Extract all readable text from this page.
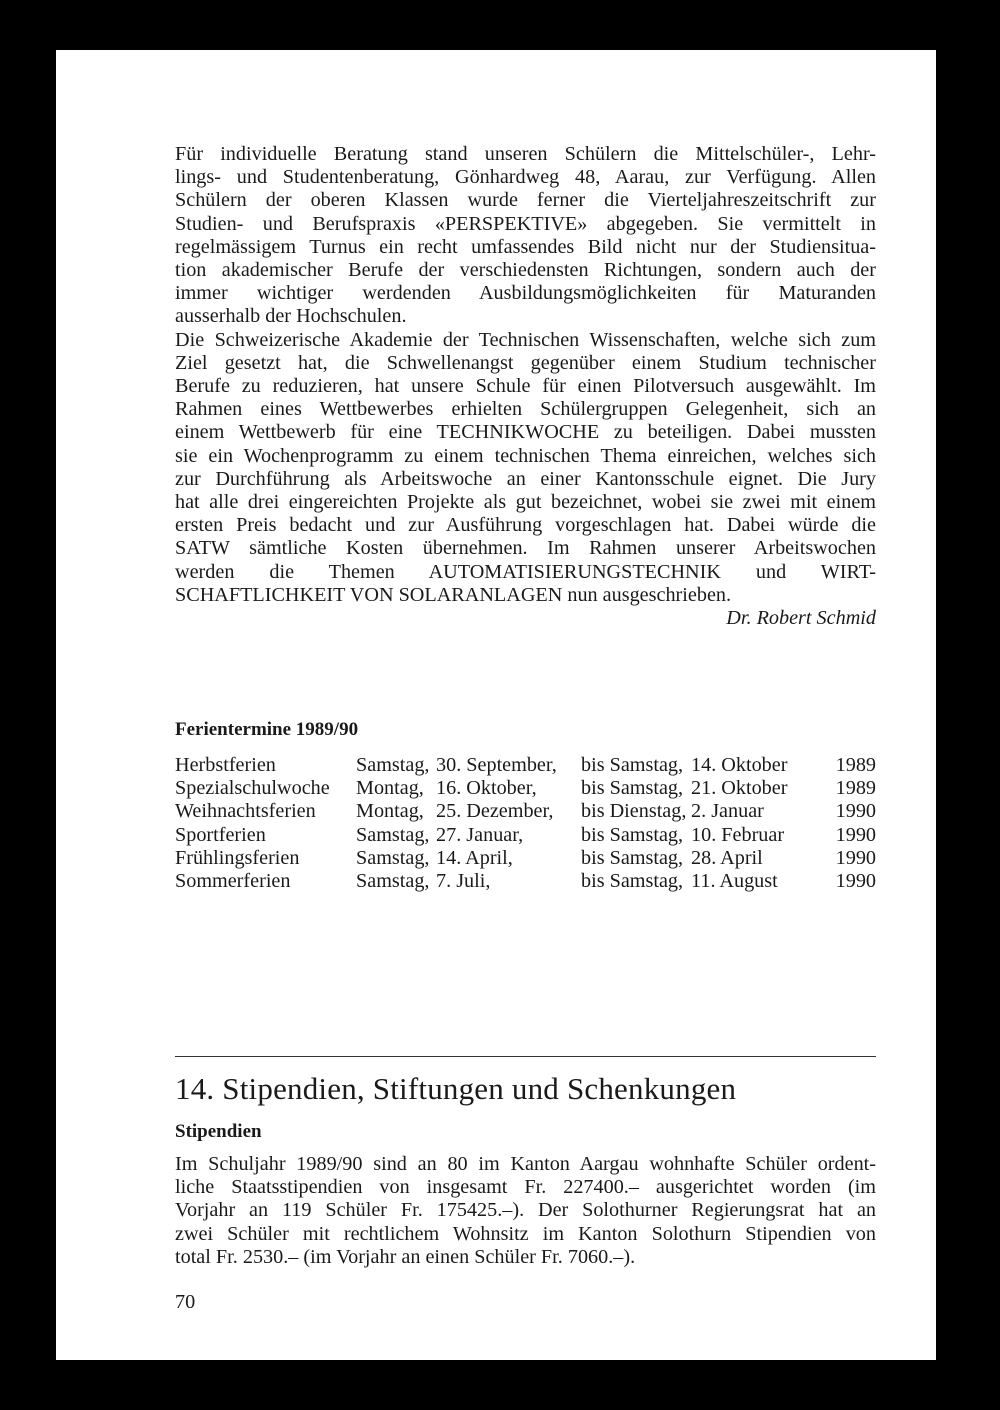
Für individuelle Beratung stand unseren Schülern die Mittelschüler-, Lehr-
lings- und Studentenberatung, Gönhardweg 48, Aarau, zur Verfügung. Allen
Schülern der oberen Klassen wurde ferner die Vierteljahreszeitschrift zur
Studien- und Berufspraxis «PERSPEKTIVE» abgegeben. Sie vermittelt in
regelmässigem Turnus ein recht umfassendes Bild nicht nur der Studiensitua-
tion akademischer Berufe der verschiedensten Richtungen, sondern auch der
immer wichtiger werdenden Ausbildungsmöglichkeiten für Maturanden
ausserhalb der Hochschulen.
Die Schweizerische Akademie der Technischen Wissenschaften, welche sich zum
Ziel gesetzt hat, die Schwellenangst gegenüber einem Studium technischer
Berufe zu reduzieren, hat unsere Schule für einen Pilotversuch ausgewählt. Im
Rahmen eines Wettbewerbes erhielten Schülergruppen Gelegenheit, sich an
einem Wettbewerb für eine TECHNIKWOCHE zu beteiligen. Dabei mussten
sie ein Wochenprogramm zu einem technischen Thema einreichen, welches sich
zur Durchführung als Arbeitswoche an einer Kantonsschule eignet. Die Jury
hat alle drei eingereichten Projekte als gut bezeichnet, wobei sie zwei mit einem
ersten Preis bedacht und zur Ausführung vorgeschlagen hat. Dabei würde die
SATW sämtliche Kosten übernehmen. Im Rahmen unserer Arbeitswochen
werden die Themen AUTOMATISIERUNGSTECHNIK und WIRT-
SCHAFTLICHKEIT VON SOLARANLAGEN nun ausgeschrieben.

Dr. Robert Schmid

Ferientermine 1989/90

Herbstferien	Samstag,	30. September,	bis Samstag,	14. Oktober	1989
Spezialschulwoche	Montag,	16. Oktober,	bis Samstag,	21. Oktober	1989
Weihnachtsferien	Montag,	25. Dezember,	bis Dienstag,	2. Januar	1990
Sportferien	Samstag,	27. Januar,	bis Samstag,	10. Februar	1990
Frühlingsferien	Samstag,	14. April,	bis Samstag,	28. April	1990
Sommerferien	Samstag,	7. Juli,	bis Samstag,	11. August	1990
14. Stipendien, Stiftungen und Schenkungen

Stipendien

Im Schuljahr 1989/90 sind an 80 im Kanton Aargau wohnhafte Schüler ordent-
liche Staatsstipendien von insgesamt Fr. 227400.– ausgerichtet worden (im
Vorjahr an 119 Schüler Fr. 175425.–). Der Solothurner Regierungsrat hat an
zwei Schüler mit rechtlichem Wohnsitz im Kanton Solothurn Stipendien von
total Fr. 2530.– (im Vorjahr an einen Schüler Fr. 7060.–).

70
